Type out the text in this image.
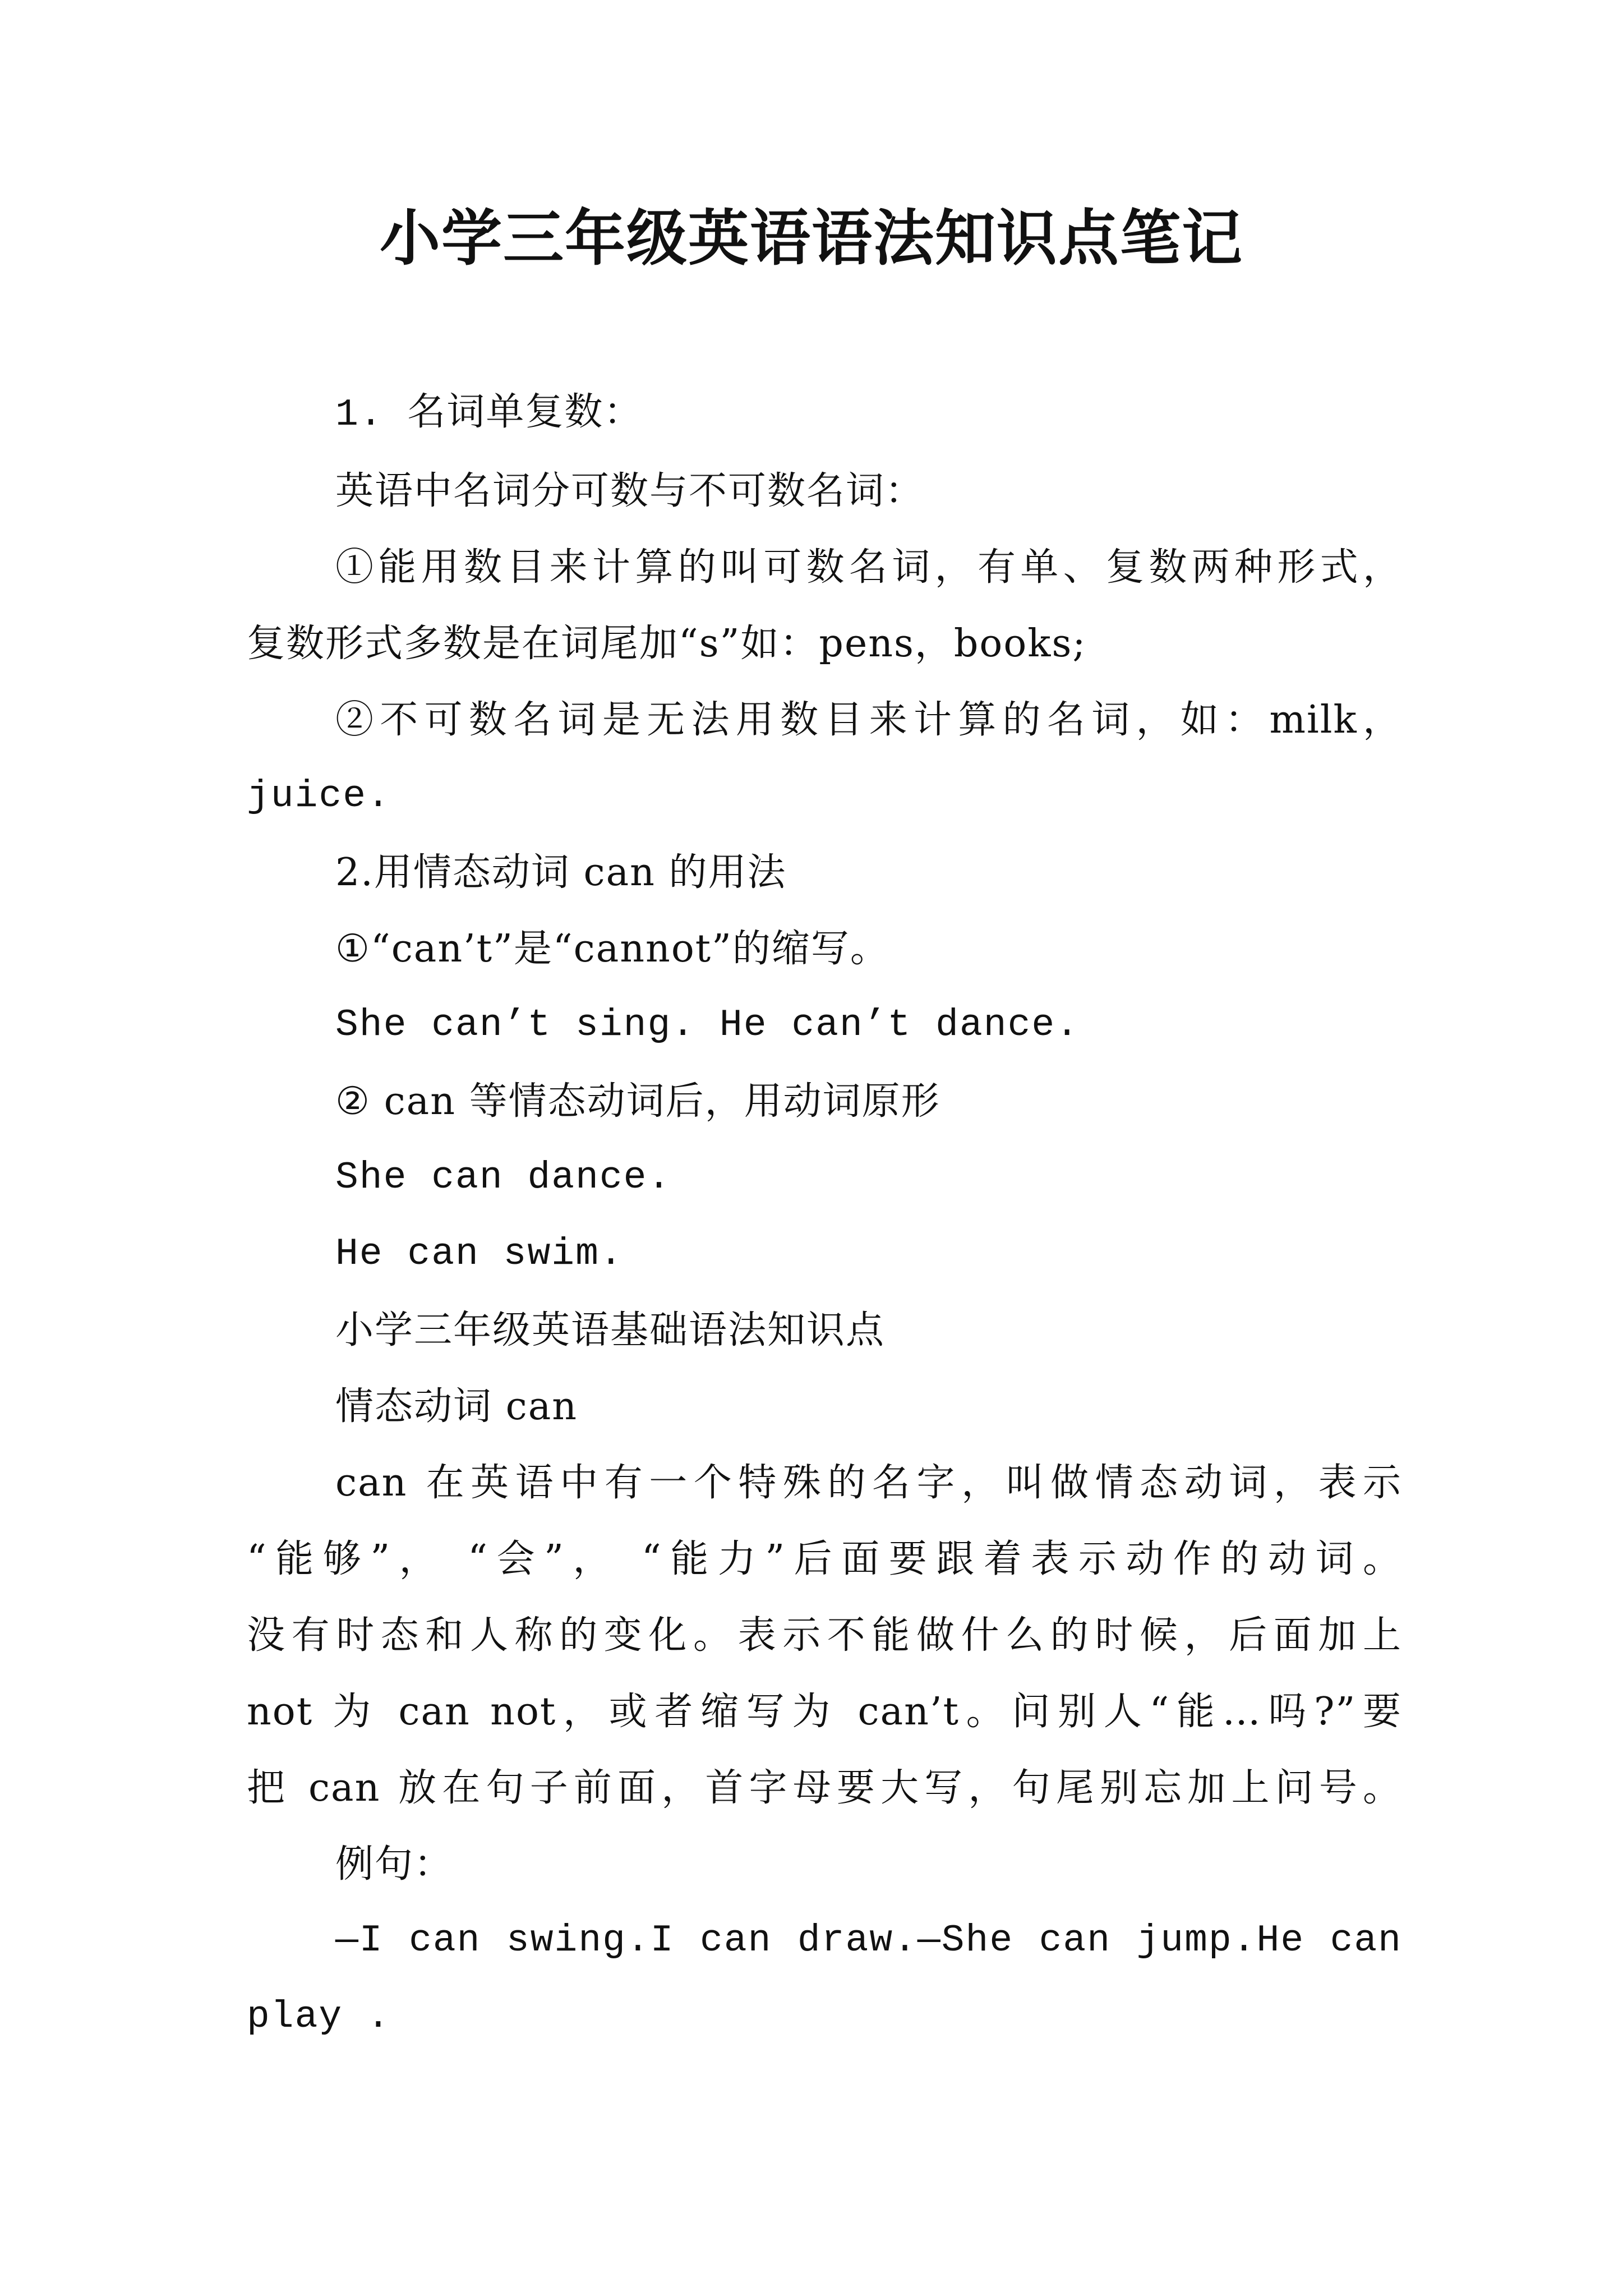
小学三年级英语语法知识点笔记
1. 名词单复数：
英语中名词分可数与不可数名词：
①能用数目来计算的叫可数名词，有单、复数两种形式，
复数形式多数是在词尾加“s”如：pens，books;
②不可数名词是无法用数目来计算的名词，如：milk，
juice.
2.用情态动词 can 的用法
①“can’t”是“cannot”的缩写。
She can’t sing. He can’t dance.
② can 等情态动词后，用动词原形
She can dance.
He can swim.
小学三年级英语基础语法知识点
情态动词 can
can 在英语中有一个特殊的名字，叫做情态动词，表示
“能够”， “会”， “能力”后面要跟着表示动作的动词。
没有时态和人称的变化。表示不能做什么的时候，后面加上
not 为 can not，或者缩写为 can’t。问别人“能…吗?”要
把 can 放在句子前面，首字母要大写，句尾别忘加上问号。
例句：
—I can swing.I can draw.—She can jump.He can
play .
